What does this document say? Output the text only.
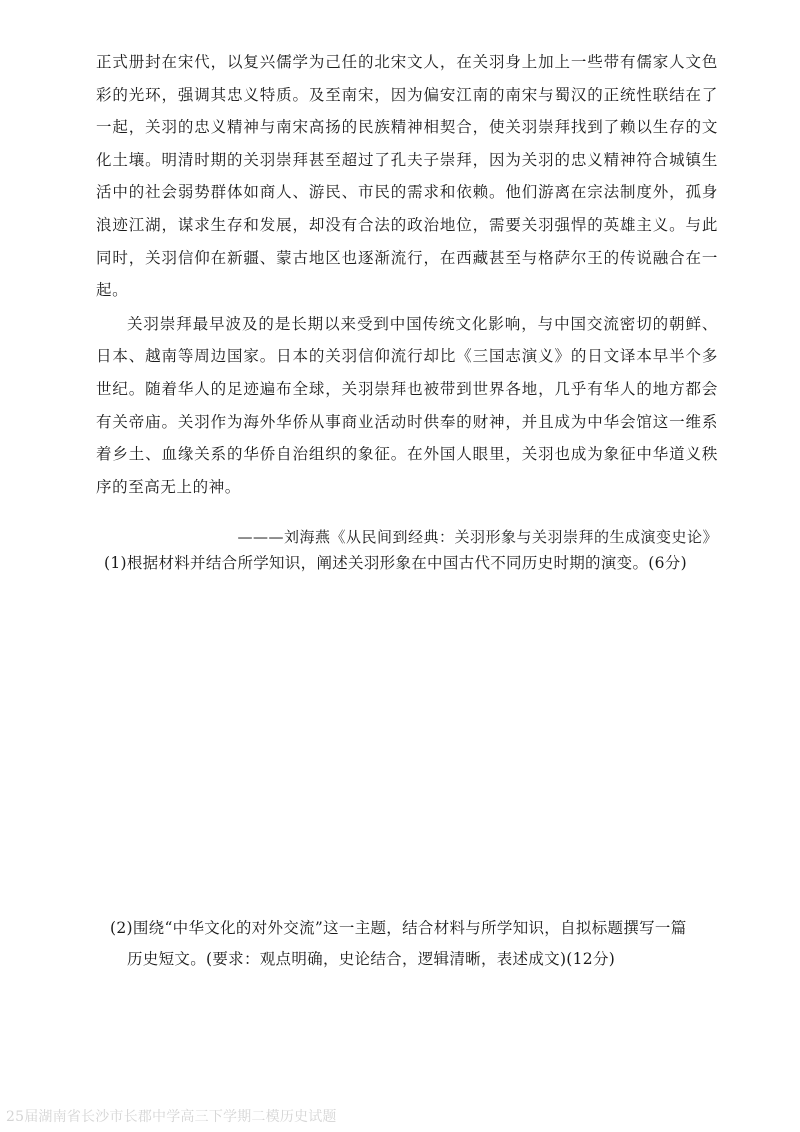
正式册封在宋代，以复兴儒学为己任的北宋文人，在关羽身上加上一些带有儒家人文色彩的光环，强调其忠义特质。及至南宋，因为偏安江南的南宋与蜀汉的正统性联结在了一起，关羽的忠义精神与南宋高扬的民族精神相契合，使关羽崇拜找到了赖以生存的文化土壤。明清时期的关羽崇拜甚至超过了孔夫子崇拜，因为关羽的忠义精神符合城镇生活中的社会弱势群体如商人、游民、市民的需求和依赖。他们游离在宗法制度外，孤身浪迹江湖，谋求生存和发展，却没有合法的政治地位，需要关羽强悍的英雄主义。与此同时，关羽信仰在新疆、蒙古地区也逐渐流行，在西藏甚至与格萨尔王的传说融合在一起。

关羽崇拜最早波及的是长期以来受到中国传统文化影响，与中国交流密切的朝鲜、日本、越南等周边国家。日本的关羽信仰流行却比《三国志演义》的日文译本早半个多世纪。随着华人的足迹遍布全球，关羽崇拜也被带到世界各地，几乎有华人的地方都会有关帝庙。关羽作为海外华侨从事商业活动时供奉的财神，并且成为中华会馆这一维系着乡土、血缘关系的华侨自治组织的象征。在外国人眼里，关羽也成为象征中华道义秩序的至高无上的神。

———刘海燕《从民间到经典：关羽形象与关羽崇拜的生成演变史论》
(1)根据材料并结合所学知识，阐述关羽形象在中国古代不同历史时期的演变。(6分)
(2)围绕“中华文化的对外交流”这一主题，结合材料与所学知识，自拟标题撰写一篇
历史短文。(要求：观点明确，史论结合，逻辑清晰，表述成文)(12分)
25届湖南省长沙市长郡中学高三下学期二模历史试题
